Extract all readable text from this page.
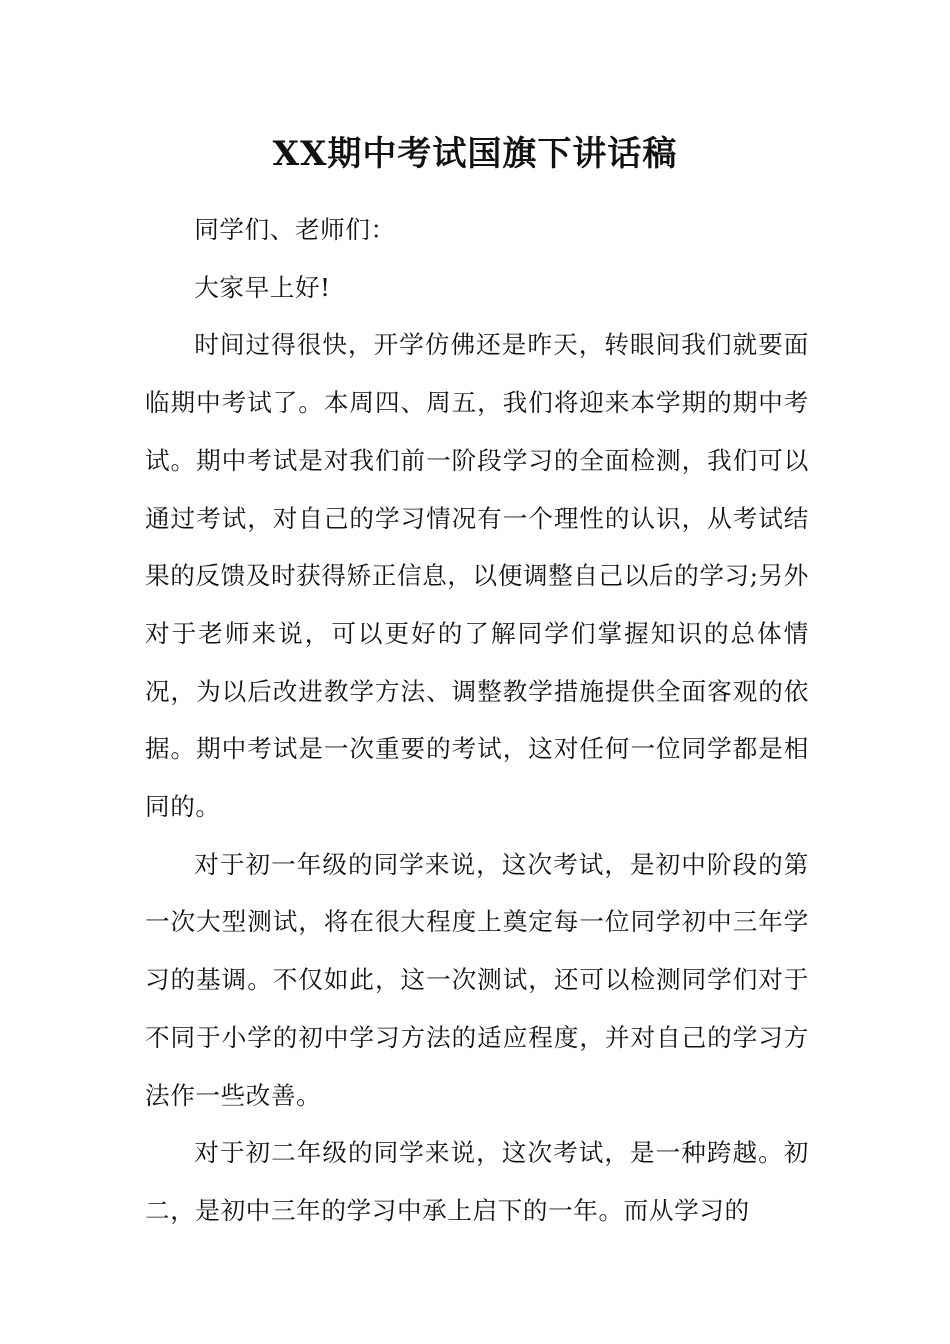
XX期中考试国旗下讲话稿

同学们、老师们：

大家早上好!

时间过得很快，开学仿佛还是昨天，转眼间我们就要面临期中考试了。本周四、周五，我们将迎来本学期的期中考试。期中考试是对我们前一阶段学习的全面检测，我们可以通过考试，对自己的学习情况有一个理性的认识，从考试结果的反馈及时获得矫正信息，以便调整自己以后的学习;另外对于老师来说，可以更好的了解同学们掌握知识的总体情况，为以后改进教学方法、调整教学措施提供全面客观的依据。期中考试是一次重要的考试，这对任何一位同学都是相同的。

对于初一年级的同学来说，这次考试，是初中阶段的第一次大型测试，将在很大程度上奠定每一位同学初中三年学习的基调。不仅如此，这一次测试，还可以检测同学们对于不同于小学的初中学习方法的适应程度，并对自己的学习方法作一些改善。

对于初二年级的同学来说，这次考试，是一种跨越。初二，是初中三年的学习中承上启下的一年。而从学习的
